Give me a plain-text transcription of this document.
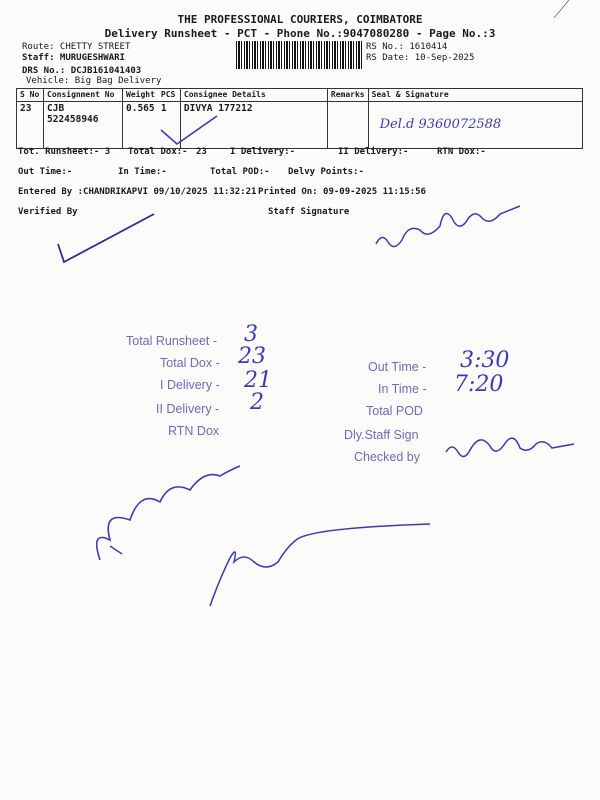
THE PROFESSIONAL COURIERS, COIMBATORE
Delivery Runsheet - PCT - Phone No.:9047080280 - Page No.:3
Route: CHETTY STREET
Staff: MURUGESHWARI
DRS No.: DCJB161041403
Vehicle: Big Bag Delivery
RS No.: 1610414
RS Date: 10-Sep-2025
S No	Consignment No	Weight	PCS	Consignee Details	Remarks	Seal & Signature
23	CJB 522458946	0.565	1	DIVYA 177212		Del.d 9360072588
Tot. Runsheet:- 3 Total Dox:- 23	I Delivery:-	II Delivery:-	RTN Dox:-
Out Time:-	In Time:-	Total POD:- Delvy Points:-
Entered By :CHANDRIKAPVI 09/10/2025 11:32:21 Printed On: 09-09-2025 11:15:56
Verified By	Staff Signature
Total Runsheet - 3
Total Dox - 23
I Delivery - 21
II Delivery - 2
RTN Dox
Out Time - 3:30
In Time - 7:20
Total POD
Dly.Staff Sign
Checked by
